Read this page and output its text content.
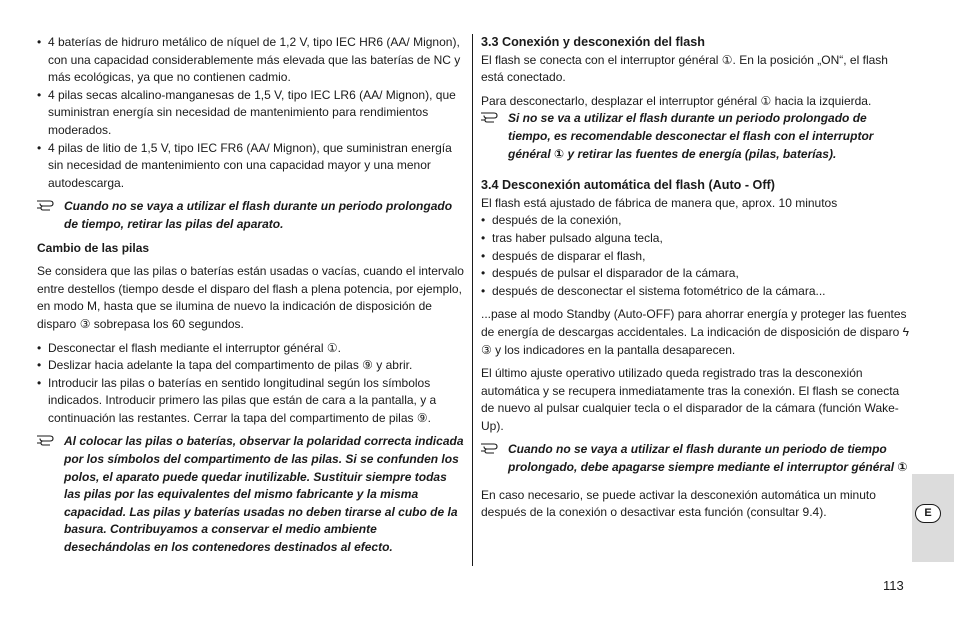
• 4 baterías de hidruro metálico de níquel de 1,2 V, tipo IEC HR6 (AA/ Mignon), con una capacidad considerablemente más elevada que las baterías de NC y más ecológicas, ya que no contienen cadmio.

• 4 pilas secas alcalino-manganesas de 1,5 V, tipo IEC LR6 (AA/ Mignon), que suministran energía sin necesidad de mantenimiento para rendimientos moderados.

• 4 pilas de litio de 1,5 V, tipo IEC FR6 (AA/ Mignon), que suministran energía sin necesidad de mantenimiento con una capacidad mayor y una menor autodescarga.

Cuando no se vaya a utilizar el flash durante un periodo prolongado de tiempo, retirar las pilas del aparato.

Cambio de las pilas

Se considera que las pilas o baterías están usadas o vacías, cuando el intervalo entre destellos (tiempo desde el disparo del flash a plena potencia, por ejemplo, en modo M, hasta que se ilumina de nuevo la indicación de disposición de disparo ③ sobrepasa los 60 segundos.

• Desconectar el flash mediante el interruptor général ①.

• Deslizar hacia adelante la tapa del compartimento de pilas ⑨ y abrir.

• Introducir las pilas o baterías en sentido longitudinal según los símbolos indicados. Introducir primero las pilas que están de cara a la pantalla, y a continuación las restantes. Cerrar la tapa del compartimento de pilas ⑨.

Al colocar las pilas o baterías, observar la polaridad correcta indicada por los símbolos del compartimento de las pilas. Si se confunden los polos, el aparato puede quedar inutilizable. Sustituir siempre todas las pilas por las equivalentes del mismo fabricante y la misma capacidad. Las pilas y baterías usadas no deben tirarse al cubo de la basura. Contribuyamos a conservar el medio ambiente desechándolas en los contenedores destinados al efecto.

3.3 Conexión y desconexión del flash

El flash se conecta con el interruptor général ①. En la posición „ON“, el flash está conectado.

Para desconectarlo, desplazar el interruptor général ① hacia la izquierda.

Si no se va a utilizar el flash durante un periodo prolongado de tiempo, es recomendable desconectar el flash con el interruptor général ① y retirar las fuentes de energía (pilas, baterías).

3.4 Desconexión automática del flash (Auto - Off)

El flash está ajustado de fábrica de manera que, aprox. 10 minutos

• después de la conexión,

• tras haber pulsado alguna tecla,

• después de disparar el flash,

• después de pulsar el disparador de la cámara,

• después de desconectar el sistema fotométrico de la cámara...

...pase al modo Standby (Auto-OFF) para ahorrar energía y proteger las fuentes de energía de descargas accidentales. La indicación de disposición de disparo ϟ ③ y los indicadores en la pantalla desaparecen.

El último ajuste operativo utilizado queda registrado tras la desconexión automática y se recupera inmediatamente tras la conexión. El flash se conecta de nuevo al pulsar cualquier tecla o el disparador de la cámara (función Wake-Up).

Cuando no se vaya a utilizar el flash durante un periodo de tiempo prolongado, debe apagarse siempre mediante el interruptor général ①

En caso necesario, se puede activar la desconexión automática un minuto después de la conexión o desactivar esta función (consultar 9.4).	E
113
